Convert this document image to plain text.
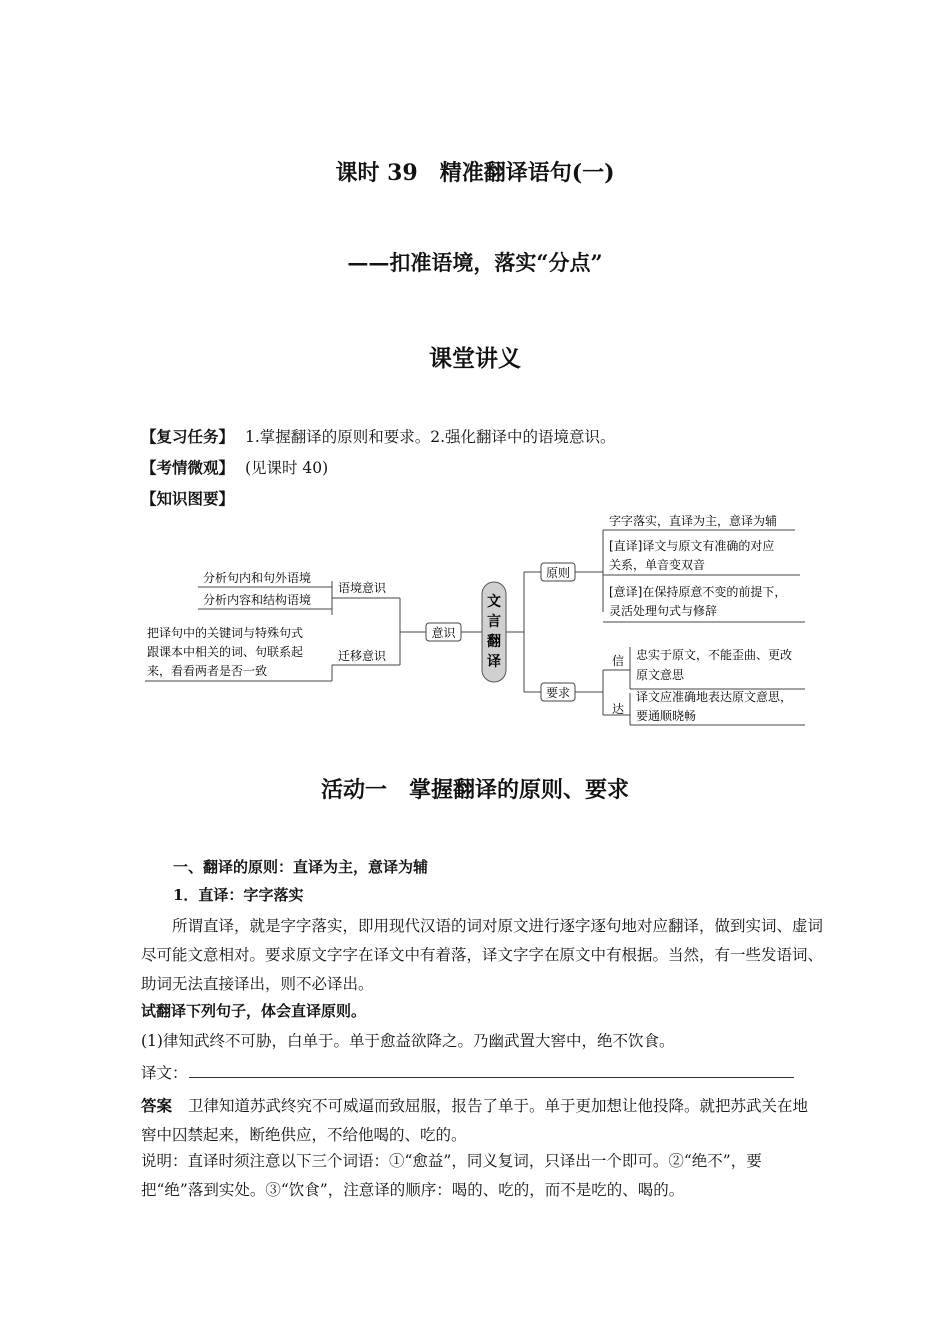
课时 39　精准翻译语句(一)
——扣准语境，落实“分点”
课堂讲义
【复习任务】 1.掌握翻译的原则和要求。2.强化翻译中的语境意识。
【考情微观】 (见课时 40)
【知识图要】
意识
文
言
翻
译
原则
要求
分析句内和句外语境
分析内容和结构语境
语境意识
迁移意识
把译句中的关键词与特殊句式
跟课本中相关的词、句联系起
来，看看两者是否一致
字字落实，直译为主，意译为辅
[直译]译文与原文有准确的对应
关系，单音变双音
[意译]在保持原意不变的前提下，
灵活处理句式与修辞
信 忠实于原文，不能歪曲、更改
原文意思
达
译文应准确地表达原文意思，
要通顺晓畅
活动一　掌握翻译的原则、要求
一、翻译的原则：直译为主，意译为辅
1．直译：字字落实
所谓直译，就是字字落实，即用现代汉语的词对原文进行逐字逐句地对应翻译，做到实词、虚词尽可能文意相对。要求原文字字在译文中有着落，译文字字在原文中有根据。当然，有一些发语词、助词无法直接译出，则不必译出。
试翻译下列句子，体会直译原则。
(1)律知武终不可胁，白单于。单于愈益欲降之。乃幽武置大窖中，绝不饮食。
译文：
答案 卫律知道苏武终究不可威逼而致屈服，报告了单于。单于更加想让他投降。就把苏武关在地窖中囚禁起来，断绝供应，不给他喝的、吃的。
说明：直译时须注意以下三个词语：①“愈益”，同义复词，只译出一个即可。②“绝不”，要把“绝”落到实处。③“饮食”，注意译的顺序：喝的、吃的，而不是吃的、喝的。
